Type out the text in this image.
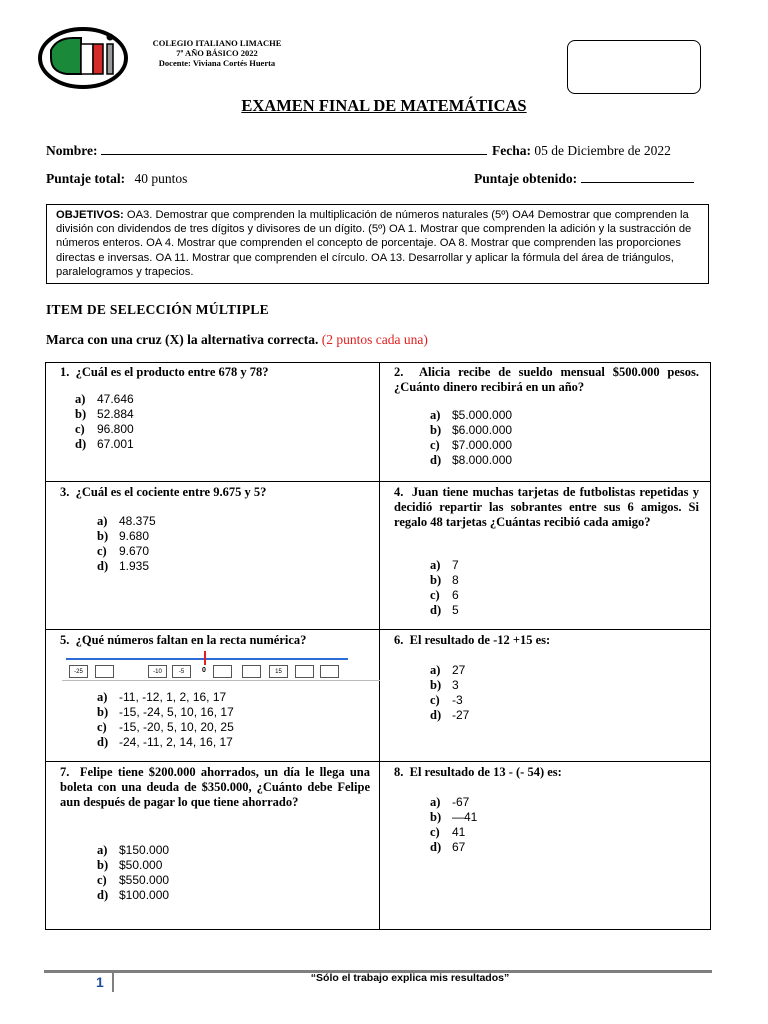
COLEGIO ITALIANO LIMACHE
7º AÑO BÁSICO 2022
Docente: Viviana Cortés Huerta
EXAMEN FINAL DE MATEMÁTICAS
Nombre:	Fecha: 05 de Diciembre de 2022
Puntaje total: 40 puntos	Puntaje obtenido:
OBJETIVOS: OA3. Demostrar que comprenden la multiplicación de números naturales (5º) OA4 Demostrar que comprenden la división con dividendos de tres dígitos y divisores de un dígito. (5º) OA 1. Mostrar que comprenden la adición y la sustracción de números enteros. OA 4. Mostrar que comprenden el concepto de porcentaje. OA 8. Mostrar que comprenden las proporciones directas e inversas. OA 11. Mostrar que comprenden el círculo. OA 13. Desarrollar y aplicar la fórmula del área de triángulos, paralelogramos y trapecios.
ITEM DE SELECCIÓN MÚLTIPLE
Marca con una cruz (X) la alternativa correcta. (2 puntos cada una)
1. ¿Cuál es el producto entre 678 y 78?
a) 47.646
b) 52.884
c)	96.800
d) 67.001
2. Alicia recibe de sueldo mensual $500.000 pesos. ¿Cuánto dinero recibirá en un año?
a) $5.000.000
b) $6.000.000
c)	$7.000.000
d) $8.000.000
3. ¿Cuál es el cociente entre 9.675 y 5?
a) 48.375
b) 9.680
c)	9.670
d) 1.935
4. Juan tiene muchas tarjetas de futbolistas repetidas y decidió repartir las sobrantes entre sus 6 amigos. Si regalo 48 tarjetas ¿Cuántas recibió cada amigo?
a) 7
b) 8
c)	6
d) 5
5. ¿Qué números faltan en la recta numérica?
0
-25	-10	-5	15
a) -11, -12, 1, 2, 16, 17
b) -15, -24, 5, 10, 16, 17
c)	-15, -20, 5, 10, 20, 25
d) -24, -11, 2, 14, 16, 17
6. El resultado de -12 +15 es:
a) 27
b) 3
c)	-3
d) -27
7. Felipe tiene $200.000 ahorrados, un día le llega una boleta con una deuda de $350.000, ¿Cuánto debe Felipe aun después de pagar lo que tiene ahorrado?
a) $150.000
b) $50.000
c)	$550.000
d) $100.000
8. El resultado de 13 - (- 54) es:
a) -67
b) —41
c)	41
d) 67
1	“Sólo el trabajo explica mis resultados”
